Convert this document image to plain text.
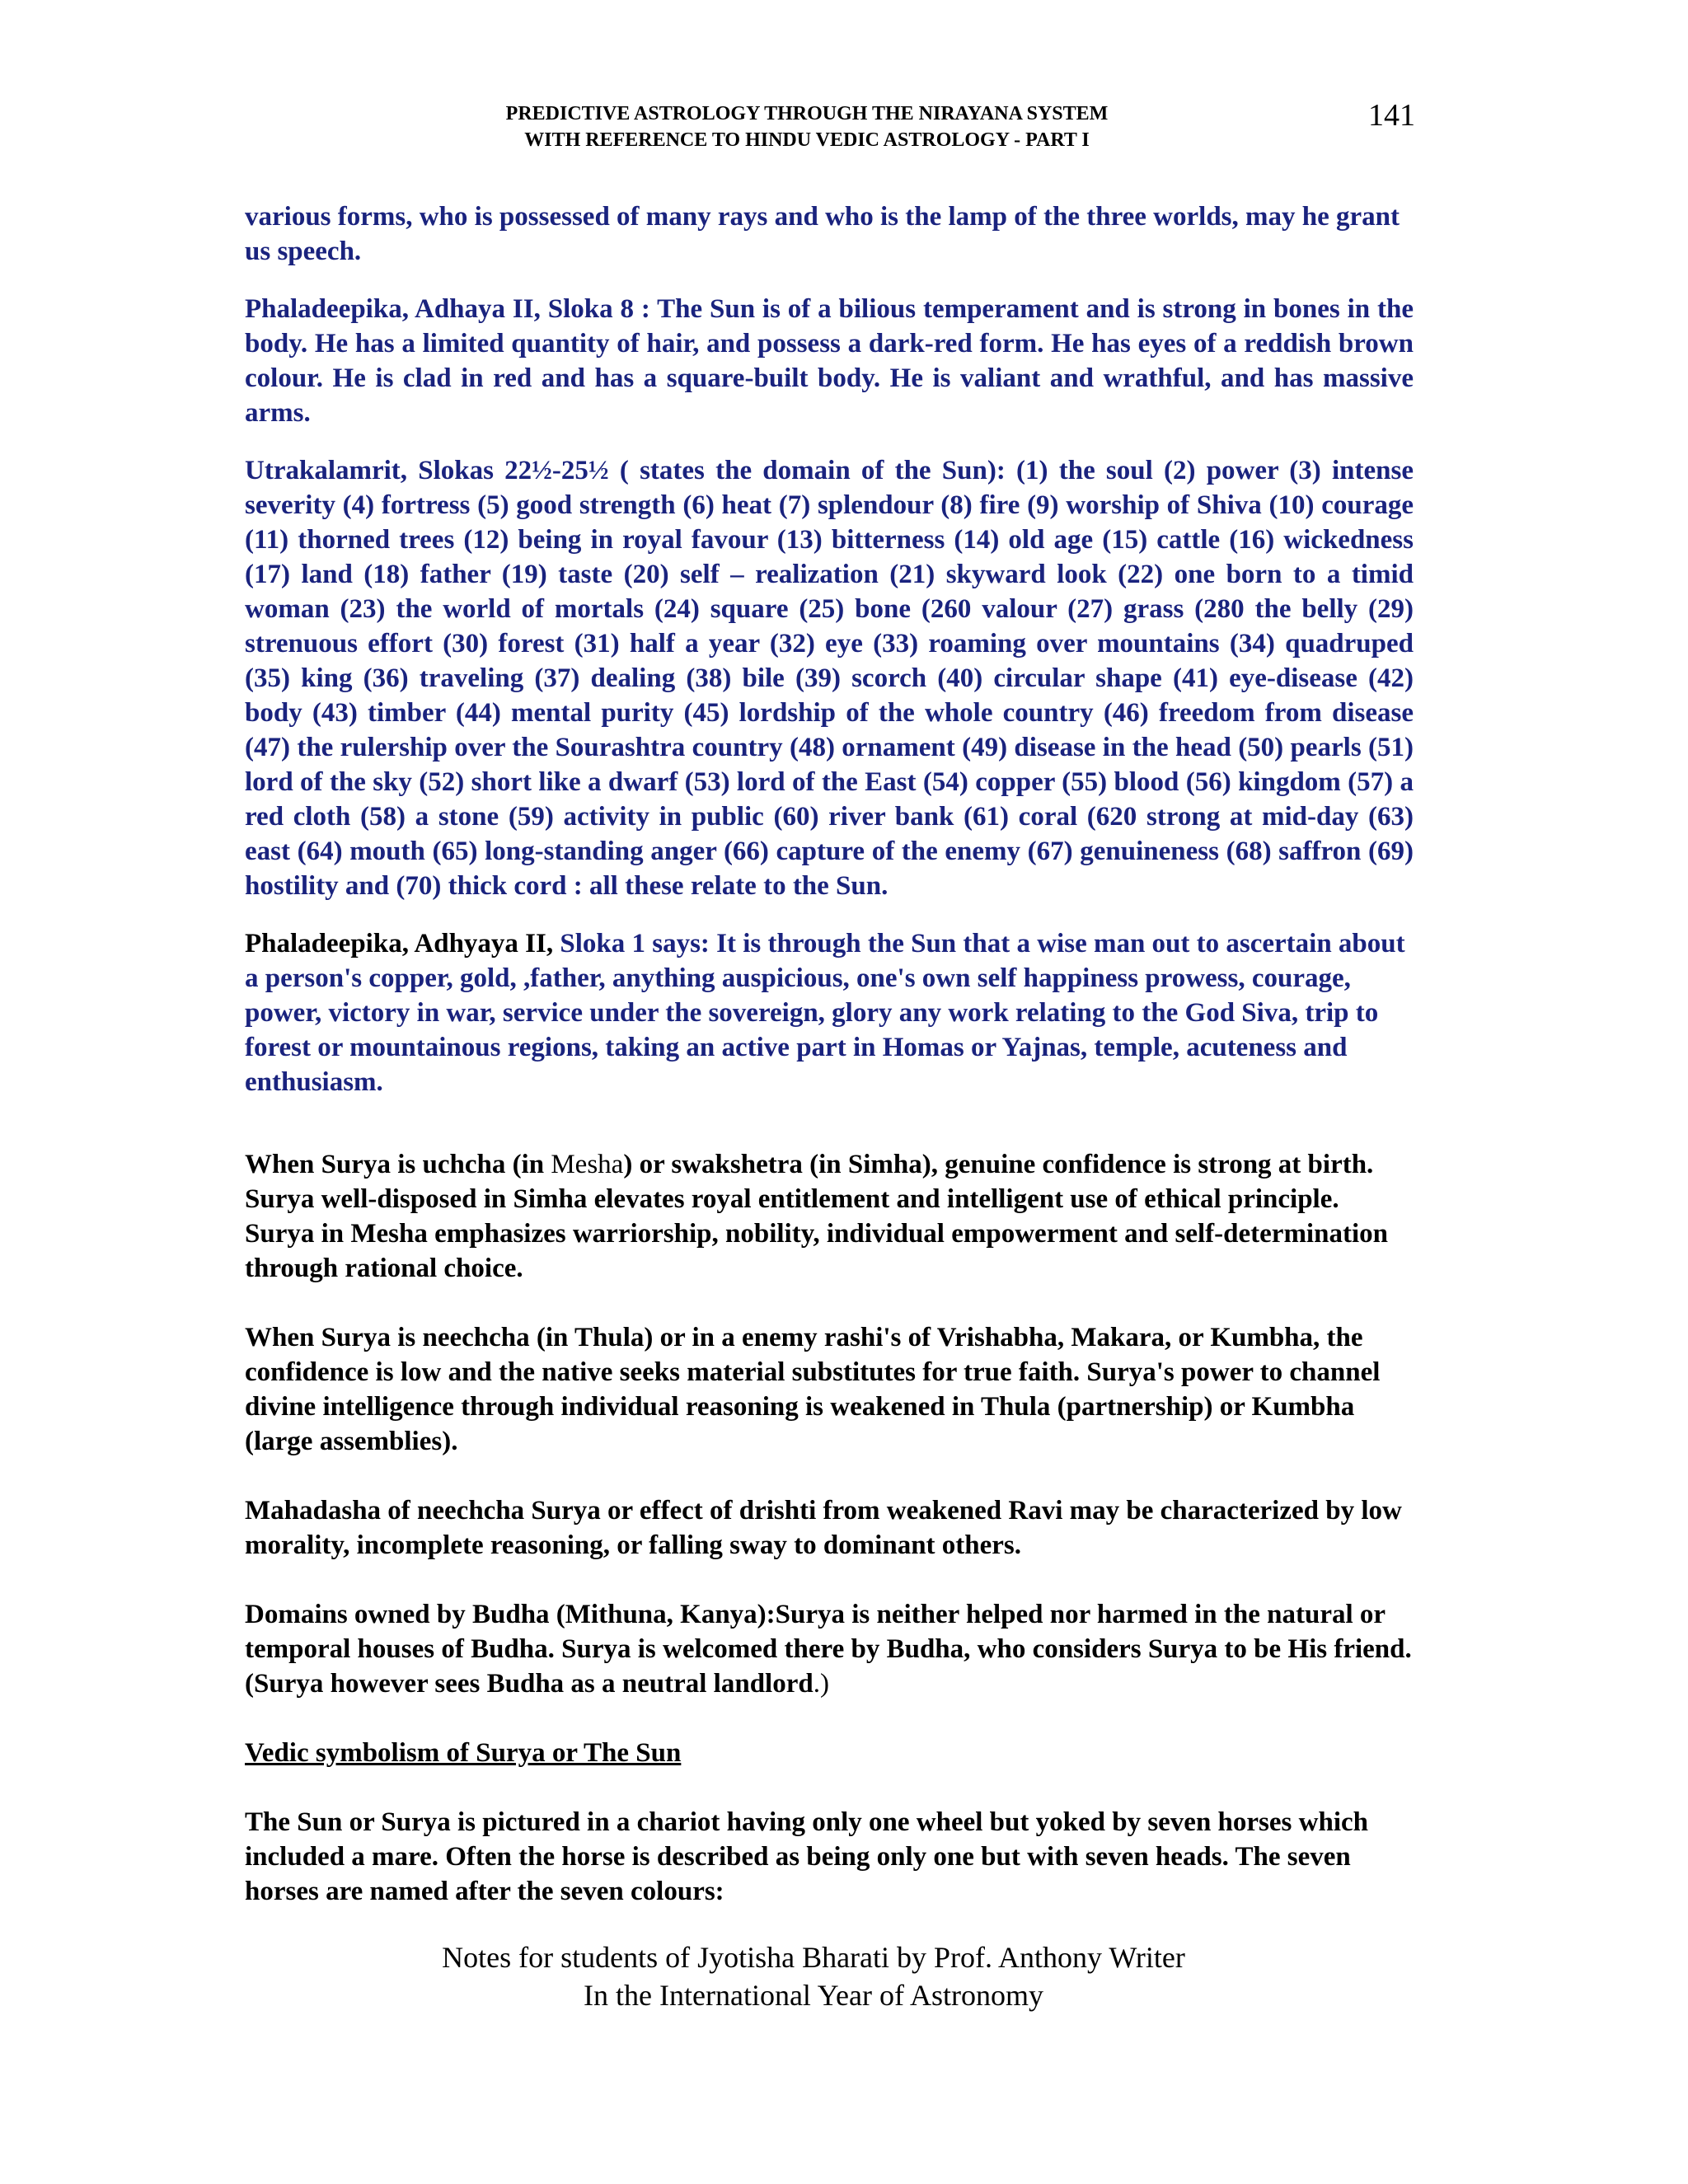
PREDICTIVE ASTROLOGY THROUGH THE NIRAYANA SYSTEM
WITH REFERENCE TO HINDU VEDIC ASTROLOGY - PART I
141

various forms, who is possessed of many rays and who is the lamp of the three worlds, may he grant us speech.

Phaladeepika, Adhaya II, Sloka 8 : The Sun is of a bilious temperament and is strong in bones in the body. He has a limited quantity of hair, and possess a dark-red form. He has eyes of a reddish brown colour. He is clad in red and has a square-built body. He is valiant and wrathful, and has massive arms.

Utrakalamrit, Slokas 22½-25½ ( states the domain of the Sun): (1) the soul (2) power (3) intense severity (4) fortress (5) good strength (6) heat (7) splendour (8) fire (9) worship of Shiva (10) courage (11) thorned trees (12) being in royal favour (13) bitterness (14) old age (15) cattle (16) wickedness (17) land (18) father (19) taste (20) self – realization (21) skyward look (22) one born to a timid woman (23) the world of mortals (24) square (25) bone (260 valour (27) grass (280 the belly (29) strenuous effort (30) forest (31) half a year (32) eye (33) roaming over mountains (34) quadruped (35) king (36) traveling (37) dealing (38) bile (39) scorch (40) circular shape (41) eye-disease (42) body (43) timber (44) mental purity (45) lordship of the whole country (46) freedom from disease (47) the rulership over the Sourashtra country (48) ornament (49) disease in the head (50) pearls (51) lord of the sky (52) short like a dwarf (53) lord of the East (54) copper (55) blood (56) kingdom (57) a red cloth (58) a stone (59) activity in public (60) river bank (61) coral (620 strong at mid-day (63) east (64) mouth (65) long-standing anger (66) capture of the enemy (67) genuineness (68) saffron (69) hostility and (70) thick cord : all these relate to the Sun.

Phaladeepika, Adhyaya II, Sloka 1 says: It is through the Sun that a wise man out to ascertain about a person's copper, gold, ,father, anything auspicious, one's own self happiness prowess, courage, power, victory in war, service under the sovereign, glory any work relating to the God Siva, trip to forest or mountainous regions, taking an active part in Homas or Yajnas, temple, acuteness and enthusiasm.

When Surya is uchcha (in Mesha) or swakshetra (in Simha), genuine confidence is strong at birth. Surya well-disposed in Simha elevates royal entitlement and intelligent use of ethical principle. Surya in Mesha emphasizes warriorship, nobility, individual empowerment and self-determination through rational choice.

When Surya is neechcha (in Thula) or in a enemy rashi's of Vrishabha, Makara, or Kumbha, the confidence is low and the native seeks material substitutes for true faith. Surya's power to channel divine intelligence through individual reasoning is weakened in Thula (partnership) or Kumbha (large assemblies).

Mahadasha of neechcha Surya or effect of drishti from weakened Ravi may be characterized by low morality, incomplete reasoning, or falling sway to dominant others.

Domains owned by Budha (Mithuna, Kanya):Surya is neither helped nor harmed in the natural or temporal houses of Budha. Surya is welcomed there by Budha, who considers Surya to be His friend. (Surya however sees Budha as a neutral landlord.)

Vedic symbolism of Surya or The Sun

The Sun or Surya is pictured in a chariot having only one wheel but yoked by seven horses which included a mare. Often the horse is described as being only one but with seven heads. The seven horses are named after the seven colours:

Notes for students of Jyotisha Bharati by Prof. Anthony Writer
In the International Year of Astronomy
